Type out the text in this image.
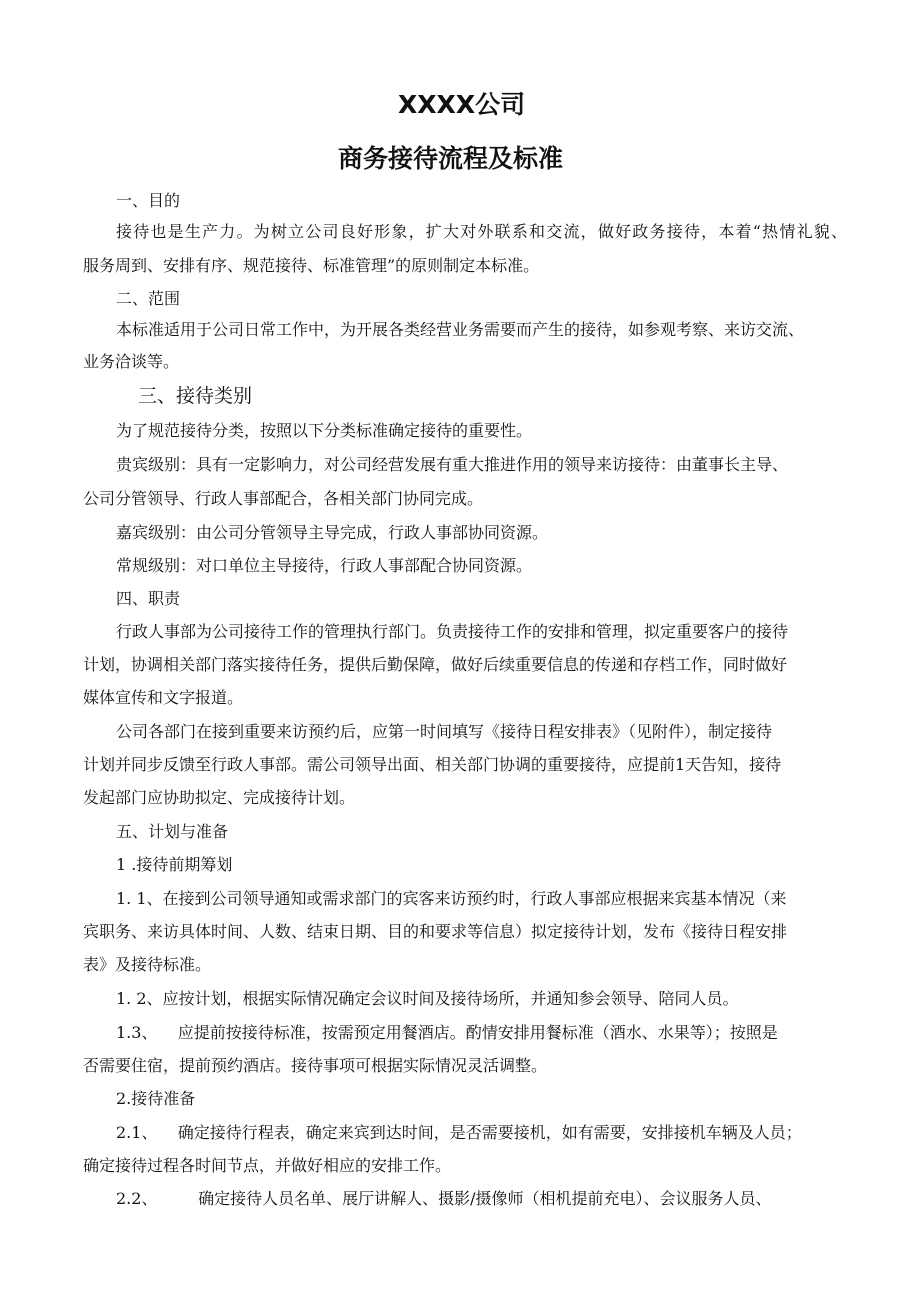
XXXX公司
商务接待流程及标准

一、目的

接待也是生产力。为树立公司良好形象，扩大对外联系和交流，做好政务接待，本着“热情礼貌、

服务周到、安排有序、规范接待、标准管理”的原则制定本标准。

二、范围

本标准适用于公司日常工作中，为开展各类经营业务需要而产生的接待，如参观考察、来访交流、

业务洽谈等。

三、接待类别

为了规范接待分类，按照以下分类标准确定接待的重要性。

贵宾级别：具有一定影响力，对公司经营发展有重大推进作用的领导来访接待：由董事长主导、

公司分管领导、行政人事部配合，各相关部门协同完成。

嘉宾级别：由公司分管领导主导完成，行政人事部协同资源。

常规级别：对口单位主导接待，行政人事部配合协同资源。

四、职责

行政人事部为公司接待工作的管理执行部门。负责接待工作的安排和管理，拟定重要客户的接待

计划，协调相关部门落实接待任务，提供后勤保障，做好后续重要信息的传递和存档工作，同时做好

媒体宣传和文字报道。

公司各部门在接到重要来访预约后，应第一时间填写《接待日程安排表》（见附件），制定接待

计划并同步反馈至行政人事部。需公司领导出面、相关部门协调的重要接待，应提前1天告知，接待

发起部门应协助拟定、完成接待计划。

五、计划与准备

1 .接待前期筹划

1. 1、在接到公司领导通知或需求部门的宾客来访预约时，行政人事部应根据来宾基本情况（来

宾职务、来访具体时间、人数、结束日期、目的和要求等信息）拟定接待计划，发布《接待日程安排

表》及接待标准。

1. 2、应按计划，根据实际情况确定会议时间及接待场所，并通知参会领导、陪同人员。

1.3、    应提前按接待标准，按需预定用餐酒店。酌情安排用餐标准（酒水、水果等）；按照是

否需要住宿，提前预约酒店。接待事项可根据实际情况灵活调整。

2.接待准备

2.1、    确定接待行程表，确定来宾到达时间，是否需要接机，如有需要，安排接机车辆及人员；

确定接待过程各时间节点，并做好相应的安排工作。

2.2、        确定接待人员名单、展厅讲解人、摄影/摄像师（相机提前充电）、会议服务人员、
